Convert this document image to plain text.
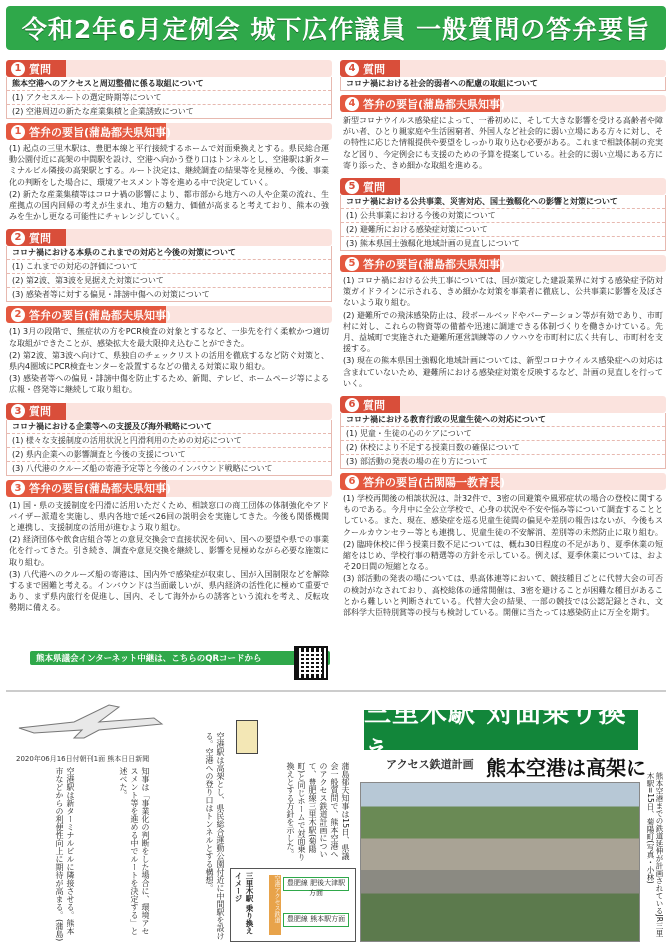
令和2年6月定例会 城下広作議員 一般質問の答弁要旨
1 質問
熊本空港へのアクセスと周辺整備に係る取組について
(1) アクセスルートの選定時期等について
(2) 空港周辺の新たな産業集積と企業誘致について
1 答弁の要旨(蒲島都夫県知事)

(1) 起点の三里木駅は、豊肥本線と平行接続するホームで対面乗換えとする。県民総合運動公園付近に高架の中間駅を設け、空港へ向かう登り口はトンネルとし、空港駅は新ターミナルビル隣接の高架駅とする。ルート決定は、継続調査の結果等を見極め、今後、事業化の判断をした場合に、環境アセスメント等を進める中で決定していく。

(2) 新たな産業集積等はコロナ禍の影響により、都市部から地方への人や企業の流れ、生産拠点の国内回帰の考えが生まれ、地方の魅力、価値が高まると考えており、熊本の強みを生かし更なる可能性にチャレンジしていく。

2 質問
コロナ禍における本県のこれまでの対応と今後の対策について
(1) これまでの対応の評価について
(2) 第2波、第3波を見据えた対策について
(3) 感染者等に対する偏見・誹謗中傷への対策について
2 答弁の要旨(蒲島都夫県知事)

(1) 3月の段階で、無症状の方をPCR検査の対象とするなど、一歩先を行く柔軟かつ適切な取組ができたことが、感染拡大を最大限抑え込むことができた。

(2) 第2波、第3波へ向けて、県独自のチェックリストの活用を徹底するなど防ぐ対策と、県内4圏域にPCR検査センターを設置するなどの備える対策に取り組む。

(3) 感染者等への偏見・誹謗中傷を防止するため、新聞、テレビ、ホームページ等による広報・啓発等に継続して取り組む。

3 質問
コロナ禍における企業等への支援及び海外戦略について
(1) 様々な支援制度の活用状況と円滑利用のための対応について
(2) 県内企業への影響調査と今後の支援について
(3) 八代港のクルーズ船の寄港予定等と今後のインバウンド戦略について
3 答弁の要旨(蒲島都夫県知事)

(1) 国・県の支援制度を円滑に活用いただくため、相談窓口の商工団体の体制強化やアドバイザー派遣を実施し、県内各地で延べ26回の説明会を実施してきた。今後も関係機関と連携し、支援制度の活用が進むよう取り組む。

(2) 経済団体や飲食店組合等との意見交換会で直接状況を伺い、国への要望や県での事業化を行ってきた。引き続き、調査や意見交換を継続し、影響を見極めながら必要な施策に取り組む。

(3) 八代港へのクルーズ船の寄港は、国内外で感染症が収束し、国が入国制限などを解除するまで困難と考える。インバウンドは当面厳しいが、県内経済の活性化に極めて重要であり、まず県内旅行を促進し、国内、そして海外からの誘客という流れを考え、反転攻勢期に備える。

4 質問
コロナ禍における社会的弱者への配慮の取組について
4 答弁の要旨(蒲島都夫県知事)

新型コロナウイルス感染症によって、一番初めに、そして大きな影響を受ける高齢者や障がい者、ひとり親家庭や生活困窮者、外国人など社会的に弱い立場にある方々に対し、その特性に応じた情報提供や要望をしっかり取り込む必要がある。これまで相談体制の充実など図り、今定例会にも支援のための予算を提案している。社会的に弱い立場にある方に寄り添った、きめ細かな取組を進める。

5 質問
コロナ禍における公共事業、災害対応、国土強靱化への影響と対策について
(1) 公共事業における今後の対策について
(2) 避難所における感染症対策について
(3) 熊本県国土強靱化地域計画の見直しについて
5 答弁の要旨(蒲島都夫県知事)

(1) コロナ禍における公共工事については、国が策定した建設業界に対する感染症予防対策ガイドラインに示される、きめ細かな対策を事業者に徹底し、公共事業に影響を及ぼさないよう取り組む。

(2) 避難所での飛沫感染防止は、段ボールベッドやパーテーション等が有効であり、市町村に対し、これらの物資等の備蓄や迅速に調達できる体制づくりを働きかけている。先月、益城町で実施された避難所運営訓練等のノウハウを市町村に広く共有し、市町村を支援する。

(3) 現在の熊本県国土強靱化地域計画については、新型コロナウイルス感染症への対応は含まれていないため、避難所における感染症対策を反映するなど、計画の見直しを行っていく。

6 質問
コロナ禍における教育行政の児童生徒への対応について
(1) 児童・生徒の心のケアについて
(2) 休校により不足する授業日数の確保について
(3) 部活動の発表の場の在り方について
6 答弁の要旨(古閑陽一教育長)

(1) 学校再開後の相談状況は、計32件で、3密の回避策や風邪症状の場合の登校に関するものである。今月中に全公立学校で、心身の状況や不安や悩み等について調査することとしている。また、現在、感染症を巡る児童生徒間の偏見や差別の報告はないが、今後もスクールカウンセラー等とも連携し、児童生徒の不安解消、差別等の未然防止に取り組む。

(2) 臨時休校に伴う授業日数不足については、概ね30日程度の不足があり、夏季休業の短縮をはじめ、学校行事の精選等の方針を示している。例えば、夏季休業については、およそ20日間の短縮となる。

(3) 部活動の発表の場については、県高体連等において、競技種目ごとに代替大会の可否の検討がなされており、高校総体の通常開催は、3密を避けることが困難な種目があることから難しいと判断されている。代替大会の結果、一部の競技では公認記録とされ、文部科学大臣特別賞等の授与も検討している。開催に当たっては感染防止に万全を期す。

熊本県議会インターネット中継は、こちらのQRコードから
2020年06月16日付朝刊1面 熊本日日新聞
空港駅は新ターミナルビルに隣接させる。熊本市などからの利便性向上に期待が高まる。(蒲島)	知事は「事業化の判断をした場合に、環境アセスメント等を進める中でルートを決定する」と述べた。	空港駅は高架とし、県民総合運動公園付近に中間駅を設ける。空港への登り口はトンネルとする構想。	蒲島郁夫知事は15日、県議会一般質問で、熊本空港へのアクセス鉄道計画について、豊肥線三里木駅(菊陽町)と同じホームで対面乗り換えとする方針を示した。
三里木駅 乗り換えイメージ	空港アクセス鉄道 豊肥線 肥後大津駅方面
豊肥線 熊本駅方面
三里木駅 対面乗り換え
アクセス鉄道計画 熊本空港は高架に
熊本空港までの鉄道延伸が計画されているJR三里木駅=15日、菊陽町(写真・小林)
